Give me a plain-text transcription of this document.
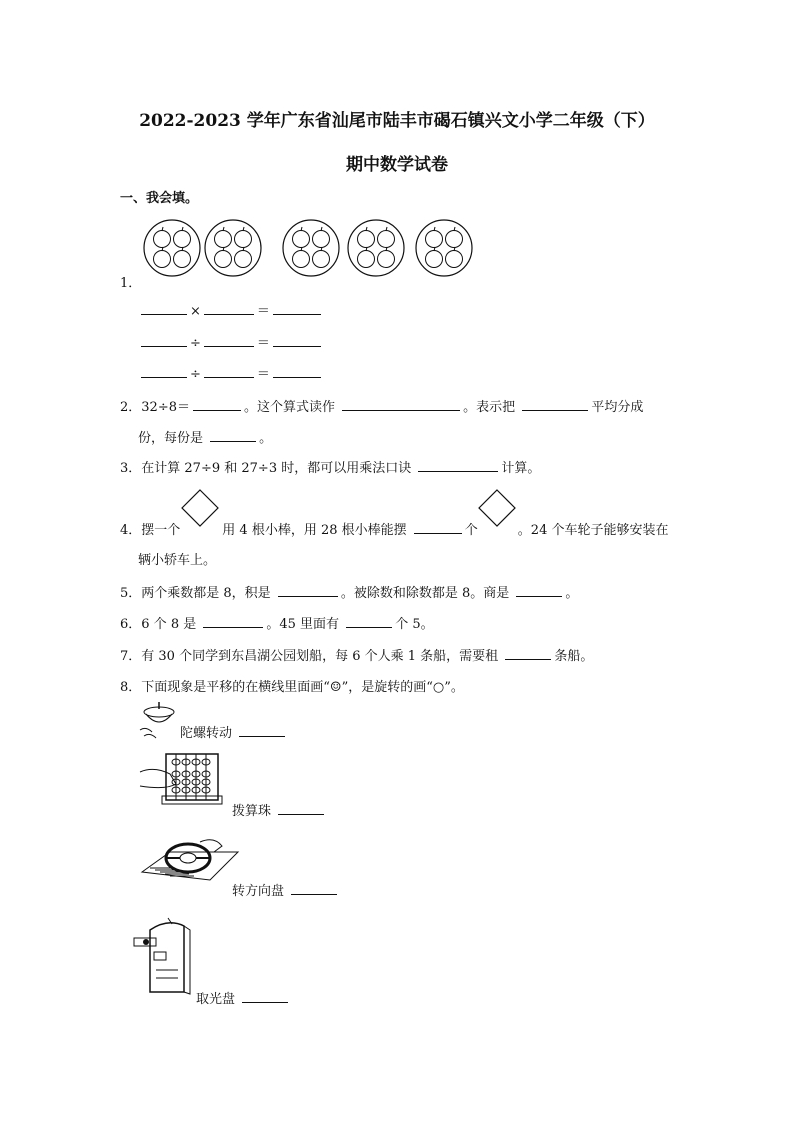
2022-2023 学年广东省汕尾市陆丰市碣石镇兴文小学二年级（下）
期中数学试卷
一、我会填。
1．
×	＝
÷	＝
÷	＝
2．32÷8＝	。这个算式读作	。表示把	平均分成
份，每份是	。
3．在计算 27÷9 和 27÷3 时，都可以用乘法口诀	计算。
4．摆一个	用 4 根小棒，用 28 根小棒能摆	个	。24 个车轮子能够安装在
辆小轿车上。
5．两个乘数都是 8，积是	。被除数和除数都是 8。商是	。
6．6 个 8 是	。45 里面有	个 5。
7．有 30 个同学到东昌湖公园划船，每 6 个人乘 1 条船，需要租	条船。
8．下面现象是平移的在横线里面画“☺”，是旋转的画“○”。
陀螺转动
拨算珠
转方向盘
取光盘
